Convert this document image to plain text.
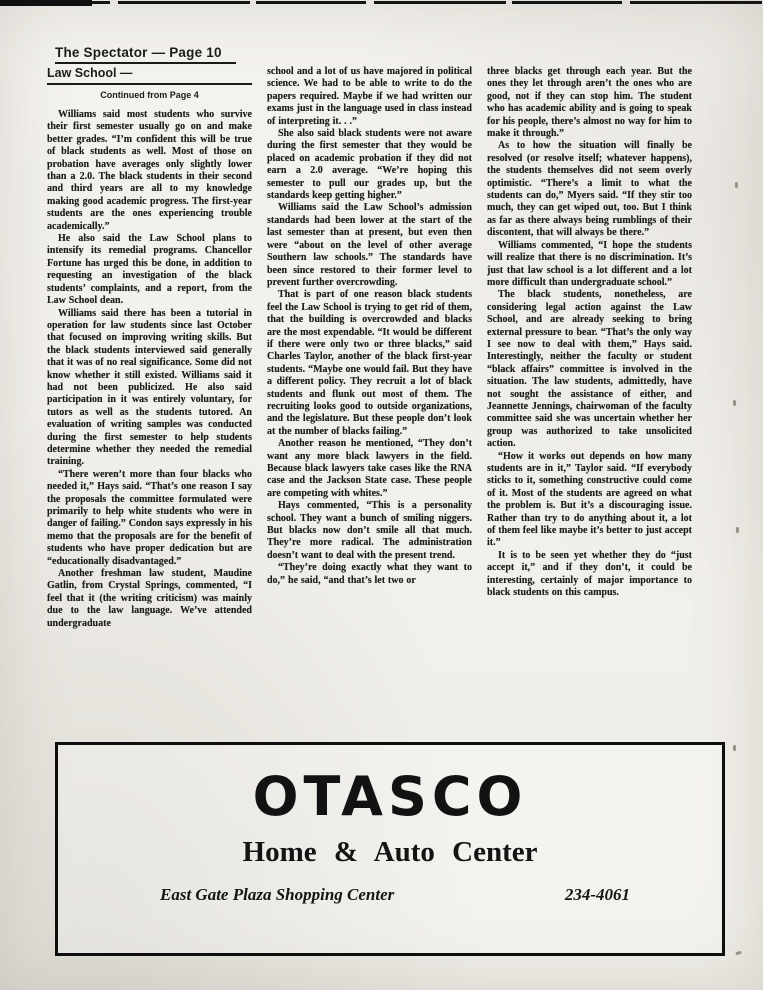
The Spectator — Page 10
Law School —
Continued from Page 4

Williams said most students who survive their first semester usually go on and make better grades. “I’m confident this will be true of black students as well. Most of those on probation have averages only slightly lower than a 2.0. The black students in their second and third years are all to my knowledge making good academic progress. The first-year students are the ones experiencing trouble academically.”

He also said the Law School plans to intensify its remedial programs. Chancellor Fortune has urged this be done, in addition to requesting an investigation of the black students’ complaints, and a report, from the Law School dean.

Williams said there has been a tutorial in operation for law students since last October that focused on improving writing skills. But the black students interviewed said generally that it was of no real significance. Some did not know whether it still existed. Williams said it had not been publicized. He also said participation in it was entirely voluntary, for tutors as well as the students tutored. An evaluation of writing samples was conducted during the first semester to help students determine whether they needed the remedial training.

“There weren’t more than four blacks who needed it,” Hays said. “That’s one reason I say the proposals the committee formulated were primarily to help white students who were in danger of failing.” Condon says expressly in his memo that the proposals are for the benefit of students who have proper dedication but are “educationally disadvantaged.”

Another freshman law student, Maudine Gatlin, from Crystal Springs, commented, “I feel that it (the writing criticism) was mainly due to the law language. We’ve attended undergraduate

school and a lot of us have majored in political science. We had to be able to write to do the papers required. Maybe if we had written our exams just in the language used in class instead of interpreting it. . .”

She also said black students were not aware during the first semester that they would be placed on academic probation if they did not earn a 2.0 average. “We’re hoping this semester to pull our grades up, but the standards keep getting higher.”

Williams said the Law School’s admission standards had been lower at the start of the last semester than at present, but even then were “about on the level of other average Southern law schools.” The standards have been since restored to their former level to prevent further overcrowding.

That is part of one reason black students feel the Law School is trying to get rid of them, that the building is overcrowded and blacks are the most expendable. “It would be different if there were only two or three blacks,” said Charles Taylor, another of the black first-year students. “Maybe one would fail. But they have a different policy. They recruit a lot of black students and flunk out most of them. The recruiting looks good to outside organizations, and the legislature. But these people don’t look at the number of blacks failing.”

Another reason he mentioned, “They don’t want any more black lawyers in the field. Because black lawyers take cases like the RNA case and the Jackson State case. These people are competing with whites.”

Hays commented, “This is a personality school. They want a bunch of smiling niggers. But blacks now don’t smile all that much. They’re more radical. The administration doesn’t want to deal with the present trend.

“They’re doing exactly what they want to do,” he said, “and that’s let two or

three blacks get through each year. But the ones they let through aren’t the ones who are good, not if they can stop him. The student who has academic ability and is going to speak for his people, there’s almost no way for him to make it through.”

As to how the situation will finally be resolved (or resolve itself; whatever happens), the students themselves did not seem overly optimistic. “There’s a limit to what the students can do,” Myers said. “If they stir too much, they can get wiped out, too. But I think as far as there always being rumblings of their discontent, that will always be there.”

Williams commented, “I hope the students will realize that there is no discrimination. It’s just that law school is a lot different and a lot more difficult than undergraduate school.”

The black students, nonetheless, are considering legal action against the Law School, and are already seeking to bring external pressure to bear. “That’s the only way I see now to deal with them,” Hays said. Interestingly, neither the faculty or student “black affairs” committee is involved in the situation. The law students, admittedly, have not sought the assistance of either, and Jeannette Jennings, chairwoman of the faculty committee said she was uncertain whether her group was authorized to take unsolicited action.

“How it works out depends on how many students are in it,” Taylor said. “If everybody sticks to it, something constructive could come of it. Most of the students are agreed on what the problem is. But it’s a discouraging issue. Rather than try to do anything about it, a lot of them feel like maybe it’s better to just accept it.”

It is to be seen yet whether they do “just accept it,” and if they don’t, it could be interesting, certainly of major importance to black students on this campus.

OTASCO
Home & Auto Center
East Gate Plaza Shopping Center	234-4061
